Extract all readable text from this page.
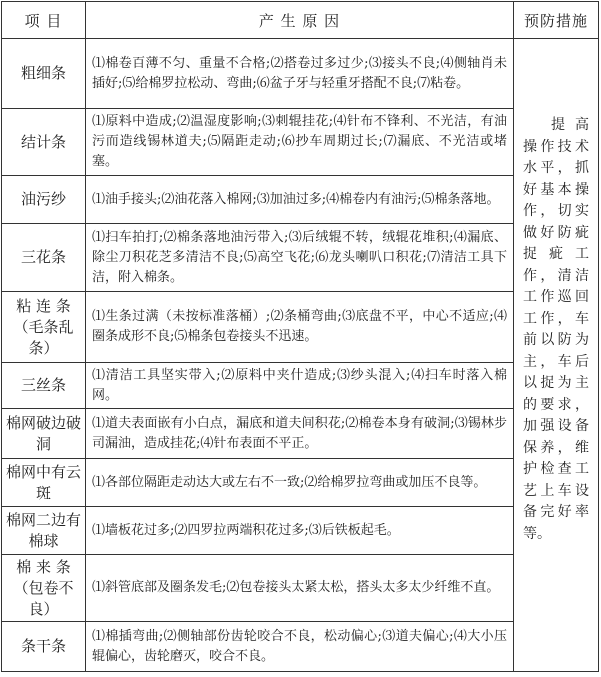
项 目	产 生 原 因	预防措施
粗细条	⑴棉卷百薄不匀、重量不合格;⑵搭卷过多过少;⑶接头不良;⑷侧轴肖未插好;⑸给棉罗拉松动、弯曲;⑹盆子牙与轻重牙搭配不良;⑺粘卷。	提高操作技术水平，抓好基本操作，切实做好防疵捉疵工作，清洁工作巡回工作，车前以防为主，车后以捉为主的要求，加强设备保养，维护检查工艺上车设备完好率等。

结计条	⑴原料中造成;⑵温湿度影响;⑶刺辊挂花;⑷针布不锋利、不光洁，有油污而造线锡林道夫;⑸隔距走动;⑹抄车周期过长;⑺漏底、不光洁或堵塞。	
油污纱	⑴油手接头;⑵油花落入棉网;⑶加油过多;⑷棉卷内有油污;⑸棉条落地。	
三花条	⑴扫车拍打;⑵棉条落地油污带入;⑶后绒辊不转，绒辊花堆积;⑷漏底、除尘刀积花芝多清洁不良;⑸高空飞花;⑹龙头喇叭口积花;⑺清洁工具下洁，附入棉条。	
粘 连 条（毛条乱条）	⑴生条过满（未按标准落桶）;⑵条桶弯曲;⑶底盘不平，中心不适应;⑷圈条成形不良;⑸棉条包卷接头不迅速。	
三丝条	⑴清洁工具坚实带入;⑵原料中夹什造成;⑶纱头混入;⑷扫车时落入棉网。	
棉网破边破 洞	⑴道夫表面嵌有小白点，漏底和道夫间积花;⑵棉卷本身有破洞;⑶锡林步司漏油，造成挂花;⑷针布表面不平正。	
棉网中有云 斑	⑴各部位隔距走动达大或左右不一致;⑵给棉罗拉弯曲或加压不良等。	
棉网二边有棉球	⑴墙板花过多;⑵四罗拉两端积花过多;⑶后铁板起毛。	
棉 来 条（包卷不良）	⑴斜管底部及圈条发毛;⑵包卷接头太紧太松，搭头太多太少纤维不直。	
条干条	⑴棉插弯曲;⑵侧轴部份齿轮咬合不良，松动偏心;⑶道夫偏心;⑷大小压辊偏心，齿轮磨灭，咬合不良。	
